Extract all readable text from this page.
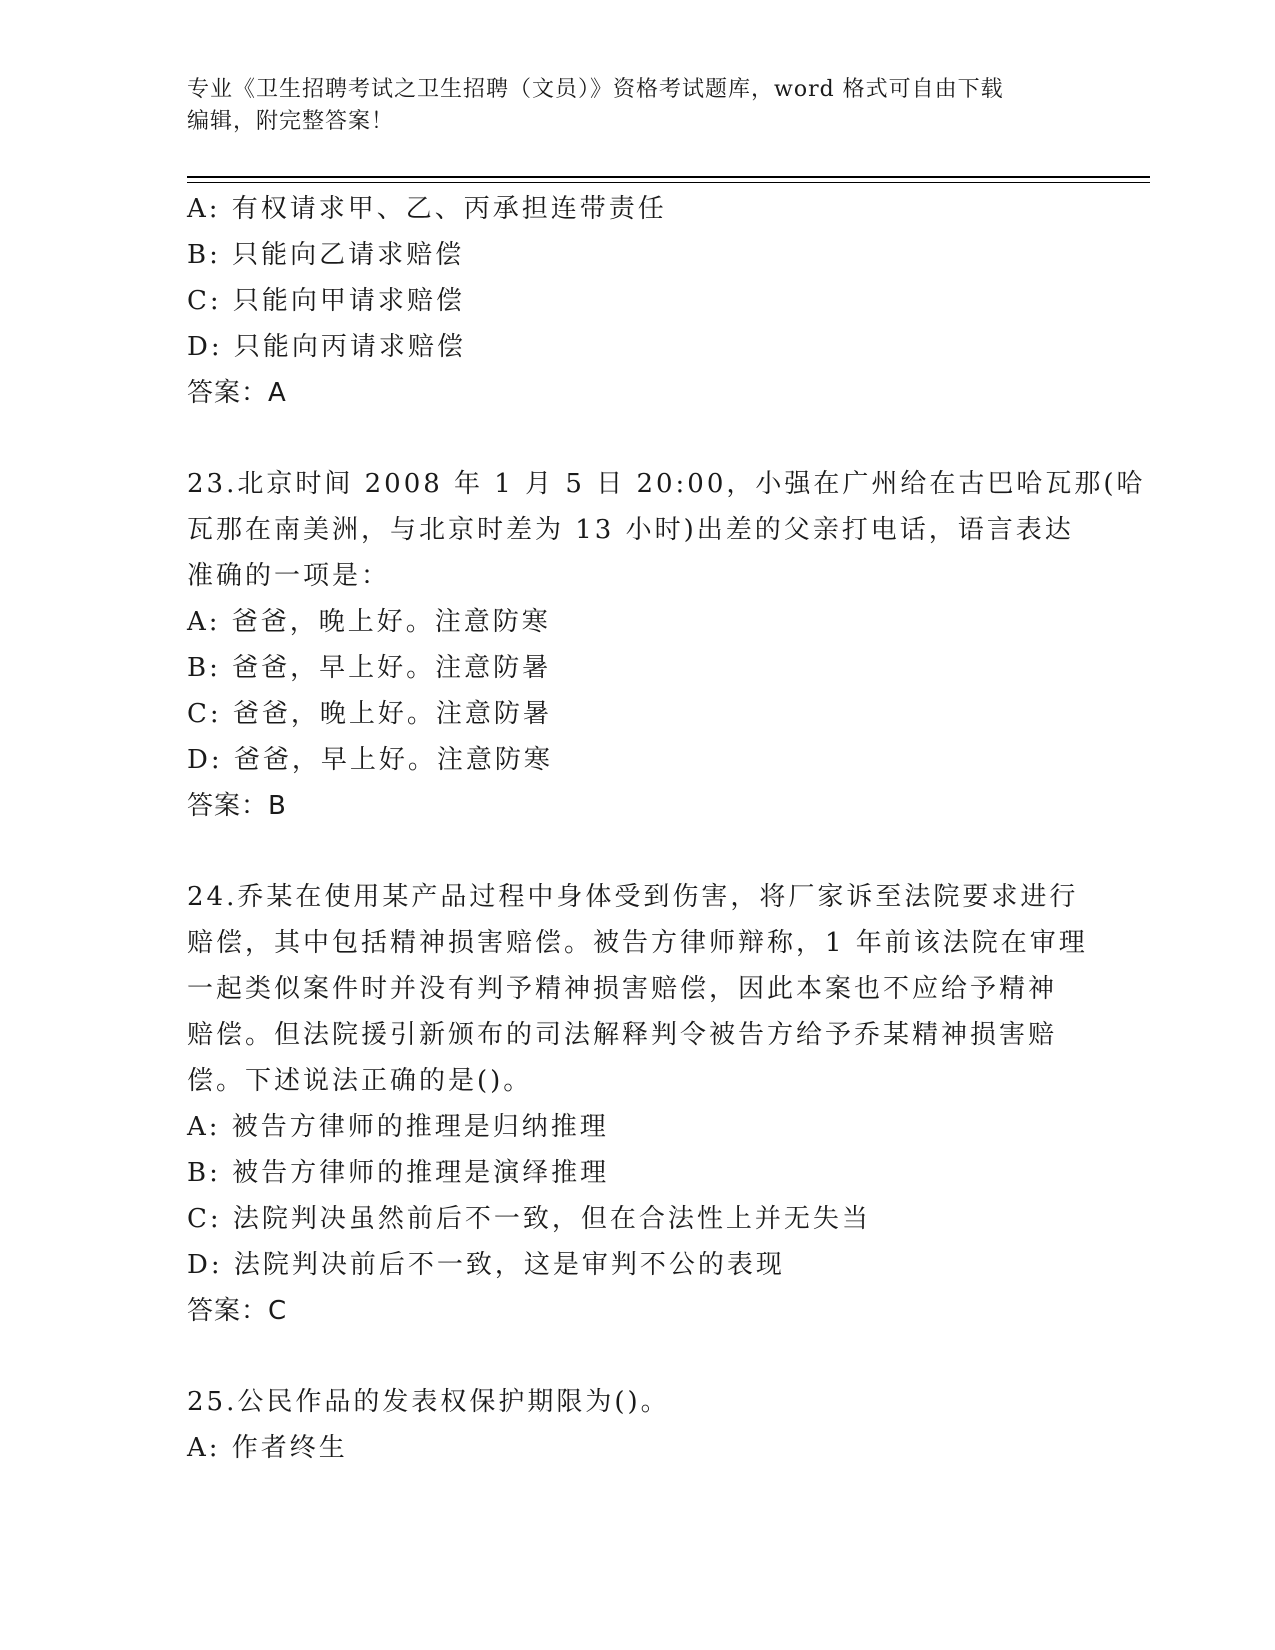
专业《卫生招聘考试之卫生招聘（文员）》资格考试题库，word 格式可自由下载
编辑，附完整答案！
A: 有权请求甲、乙、丙承担连带责任
B: 只能向乙请求赔偿
C: 只能向甲请求赔偿
D: 只能向丙请求赔偿
答案：A
23.北京时间 2008 年 1 月 5 日 20:00，小强在广州给在古巴哈瓦那(哈
瓦那在南美洲，与北京时差为 13 小时)出差的父亲打电话，语言表达
准确的一项是：
A: 爸爸，晚上好。注意防寒
B: 爸爸，早上好。注意防暑
C: 爸爸，晚上好。注意防暑
D: 爸爸，早上好。注意防寒
答案：B
24.乔某在使用某产品过程中身体受到伤害，将厂家诉至法院要求进行
赔偿，其中包括精神损害赔偿。被告方律师辩称，1 年前该法院在审理
一起类似案件时并没有判予精神损害赔偿，因此本案也不应给予精神
赔偿。但法院援引新颁布的司法解释判令被告方给予乔某精神损害赔
偿。下述说法正确的是()。
A: 被告方律师的推理是归纳推理
B: 被告方律师的推理是演绎推理
C: 法院判决虽然前后不一致，但在合法性上并无失当
D: 法院判决前后不一致，这是审判不公的表现
答案：C
25.公民作品的发表权保护期限为()。
A: 作者终生
